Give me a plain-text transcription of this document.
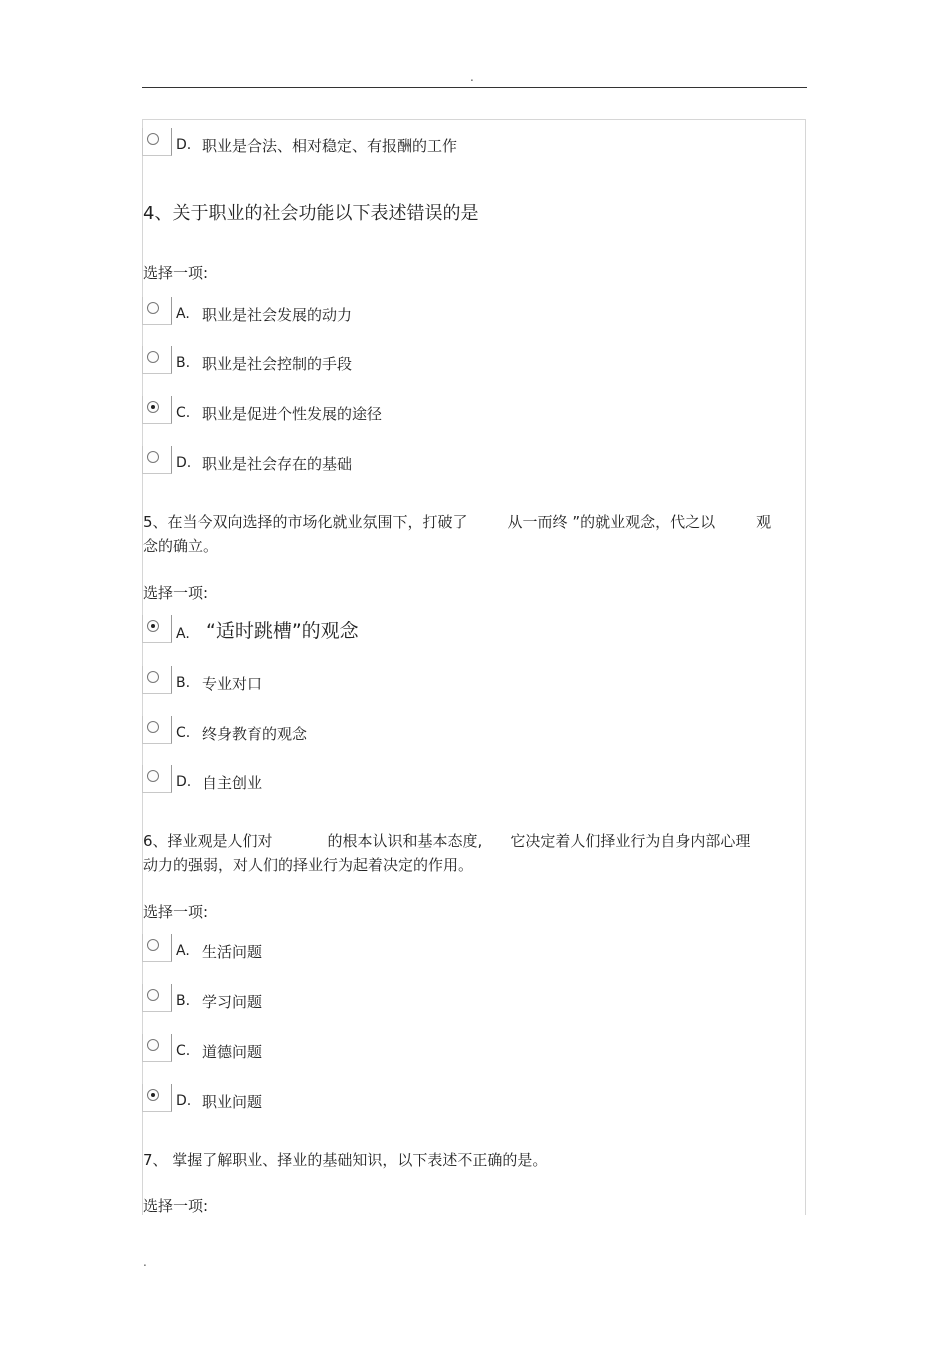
.
D. 职业是合法、相对稳定、有报酬的工作
4、关于职业的社会功能以下表述错误的是
选择一项:
A. 职业是社会发展的动力
B. 职业是社会控制的手段
C. 职业是促进个性发展的途径
D. 职业是社会存在的基础
5、在当今双向选择的市场化就业氛围下，打破了	从一而终 ”的就业观念，代之以	观
念的确立。
选择一项:
A. “适时跳槽”的观念
B. 专业对口
C. 终身教育的观念
D. 自主创业
6、择业观是人们对	的根本认识和基本态度, 它决定着人们择业行为自身内部心理
动力的强弱，对人们的择业行为起着决定的作用。
选择一项:
A. 生活问题
B. 学习问题
C. 道德问题
D. 职业问题
7、 掌握了解职业、择业的基础知识，以下表述不正确的是。
选择一项:
.
